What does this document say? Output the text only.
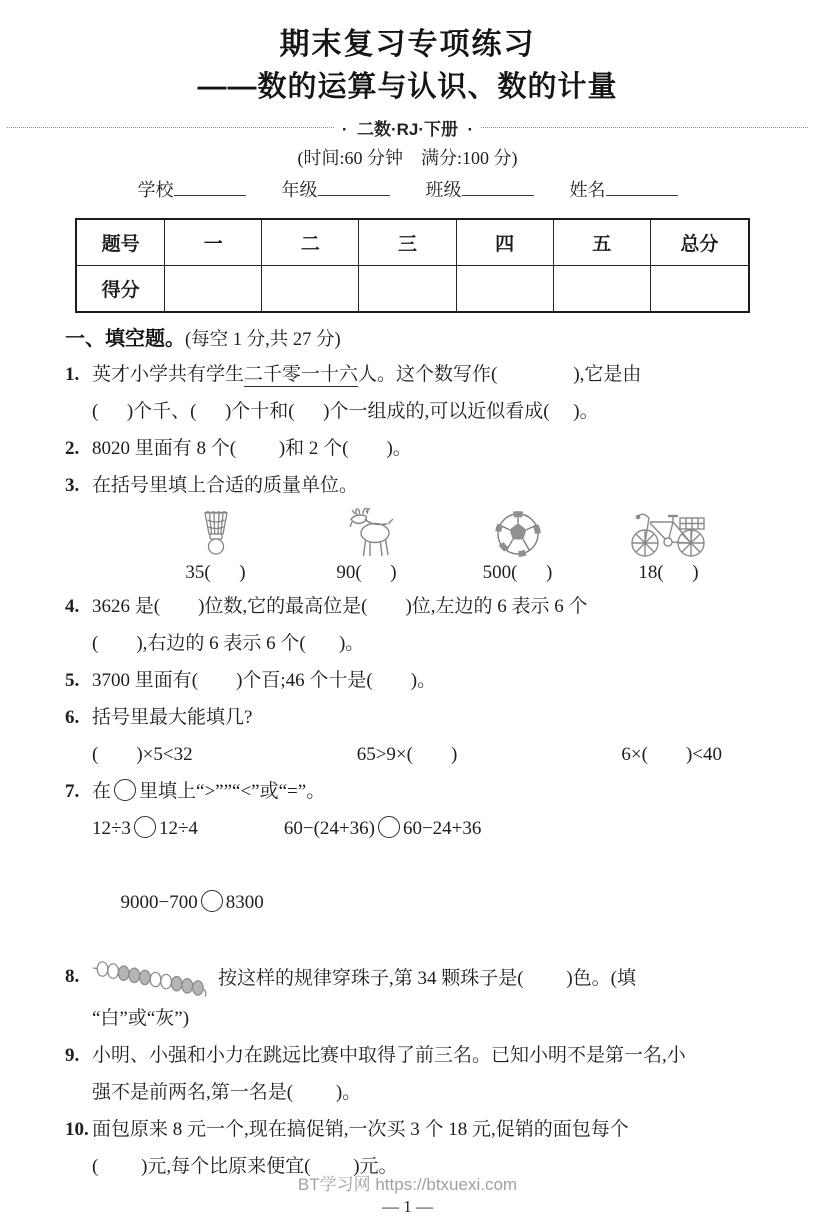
期末复习专项练习
——数的运算与认识、数的计量
·  二数·RJ·下册  ·
(时间:60 分钟    满分:100 分)
学校	年级	班级	姓名
题号	一	二	三	四	五	总分
得分						
一、填空题。(每空 1 分,共 27 分)
1. 英才小学共有学生二千零一十六人。这个数写作(                ),它是由
(      )个千、(      )个十和(      )个一组成的,可以近似看成(     )。
2. 8020 里面有 8 个(         )和 2 个(        )。
3. 在括号里填上合适的质量单位。
35(      )	90(      )	500(      )	18(      )
4. 3626 是(        )位数,它的最高位是(        )位,左边的 6 表示 6 个
(        ),右边的 6 表示 6 个(       )。
5. 3700 里面有(        )个百;46 个十是(        )。
6. 括号里最大能填几?
(        )×5<32	65>9×(        )	6×(        )<40
7. 在 里填上“>””“<”或“=”。
12÷3 12÷4	60−(24+36) 60−24+36

9000−700 8300

8.	按这样的规律穿珠子,第 34 颗珠子是(         )色。(填
“白”或“灰”)
9. 小明、小强和小力在跳远比赛中取得了前三名。已知小明不是第一名,小
强不是前两名,第一名是(         )。
10. 面包原来 8 元一个,现在搞促销,一次买 3 个 18 元,促销的面包每个
(         )元,每个比原来便宜(         )元。
BT学习网 https://btxuexi.com
— 1 —
